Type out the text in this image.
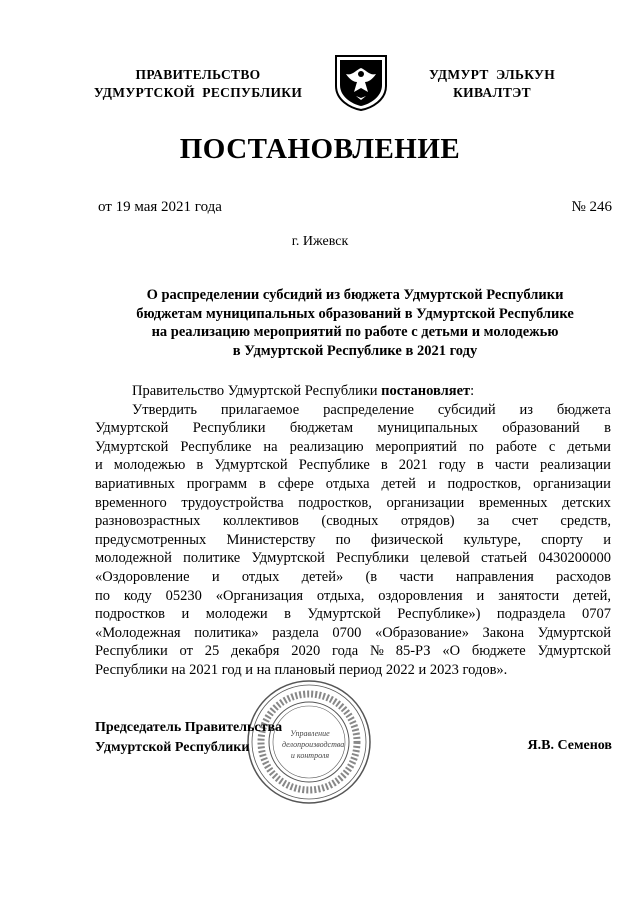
ПРАВИТЕЛЬСТВО
УДМУРТСКОЙ  РЕСПУБЛИКИ
УДМУРТ  ЭЛЬКУН
КИВАЛТЭТ
ПОСТАНОВЛЕНИЕ
от 19 мая 2021 года	№ 246
г. Ижевск
О распределении субсидий из бюджета Удмуртской Республики
бюджетам муниципальных образований в Удмуртской Республике
на реализацию мероприятий по работе с детьми и молодежью
в Удмуртской Республике в 2021 году
Правительство Удмуртской Республики постановляет:
Утвердить прилагаемое распределение субсидий из бюджета
Удмуртской Республики бюджетам муниципальных образований в
Удмуртской Республике на реализацию мероприятий по работе с детьми
и молодежью в Удмуртской Республике в 2021 году в части реализации
вариативных программ в сфере отдыха детей и подростков, организации
временного трудоустройства подростков, организации временных детских
разновозрастных коллективов (сводных отрядов) за счет средств,
предусмотренных Министерству по физической культуре, спорту и
молодежной политике Удмуртской Республики целевой статьей 0430200000
«Оздоровление и отдых детей» (в части направления расходов
по коду 05230 «Организация отдыха, оздоровления и занятости детей,
подростков и молодежи в Удмуртской Республике») подраздела 0707
«Молодежная политика» раздела 0700 «Образование» Закона Удмуртской
Республики от 25 декабря 2020 года № 85-РЗ «О бюджете Удмуртской
Республики на 2021 год и на плановый период 2022 и 2023 годов».
Управление
делопроизводства
и контроля
Председатель Правительства
Удмуртской Республики	Я.В. Семенов
